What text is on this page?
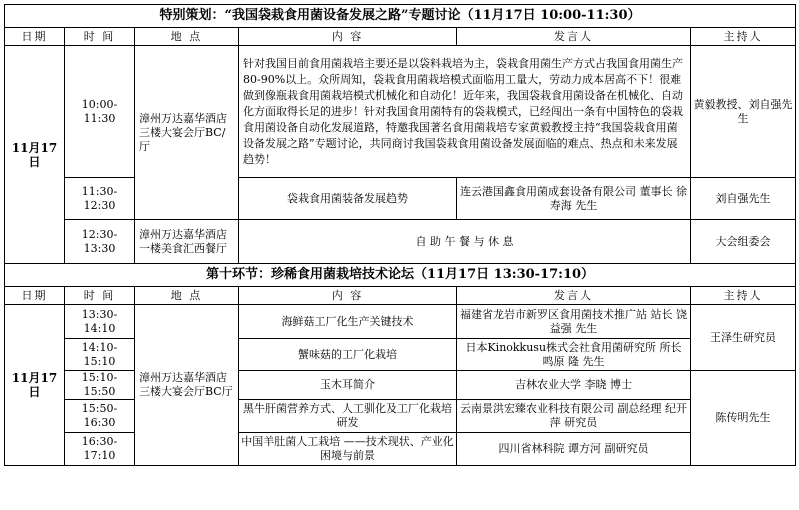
特别策划：“我国袋栽食用菌设备发展之路”专题讨论（11月17日 10:00-11:30）					
日期	时 间	地 点	内 容	发言人	主持人
11月17日	10:00-11:30	漳州万达嘉华酒店三楼大宴会厅BC/厅	针对我国目前食用菌栽培主要还是以袋料栽培为主，袋栽食用菌生产方式占我国食用菌生产80-90%以上。众所周知，袋栽食用菌栽培模式面临用工量大，劳动力成本居高不下！很难做到像瓶栽食用菌栽培模式机械化和自动化！近年来，我国袋栽食用菌设备在机械化、自动化方面取得长足的进步！针对我国食用菌特有的袋栽模式，已经闯出一条有中国特色的袋栽食用菌设备自动化发展道路，特邀我国著名食用菌栽培专家黄毅教授主持“我国袋栽食用菌设备发展之路”专题讨论，共同商讨我国袋栽食用菌设备发展面临的难点、热点和未来发展趋势！		黄毅教授、刘自强先生
	11:30-12:30		袋栽食用菌装备发展趋势	连云港国鑫食用菌成套设备有限公司 董事长 徐寿海 先生	刘自强先生
	12:30-13:30	漳州万达嘉华酒店一楼美食汇西餐厅	自 助 午 餐 与 休 息		大会组委会
第十环节：珍稀食用菌栽培技术论坛（11月17日 13:30-17:10）					
日期	时 间	地 点	内 容	发言人	主持人
11月17日	13:30-14:10	漳州万达嘉华酒店三楼大宴会厅BC厅	海鲜菇工厂化生产关键技术	福建省龙岩市新罗区食用菌技术推广站 站长 饶益强 先生	王泽生研究员
	14:10-15:10		蟹味菇的工厂化栽培	日本Kinokkusu株式会社食用菌研究所 所长 鸣原 隆 先生	
	15:10-15:50		玉木耳简介	吉林农业大学 李晓 博士	陈传明先生
	15:50-16:30		黑牛肝菌营养方式、人工驯化及工厂化栽培研发	云南景洪宏臻农业科技有限公司 副总经理 纪开萍 研究员	
	16:30-17:10		中国羊肚菌人工栽培 ——技术现状、产业化困境与前景	四川省林科院 谭方河 副研究员	
